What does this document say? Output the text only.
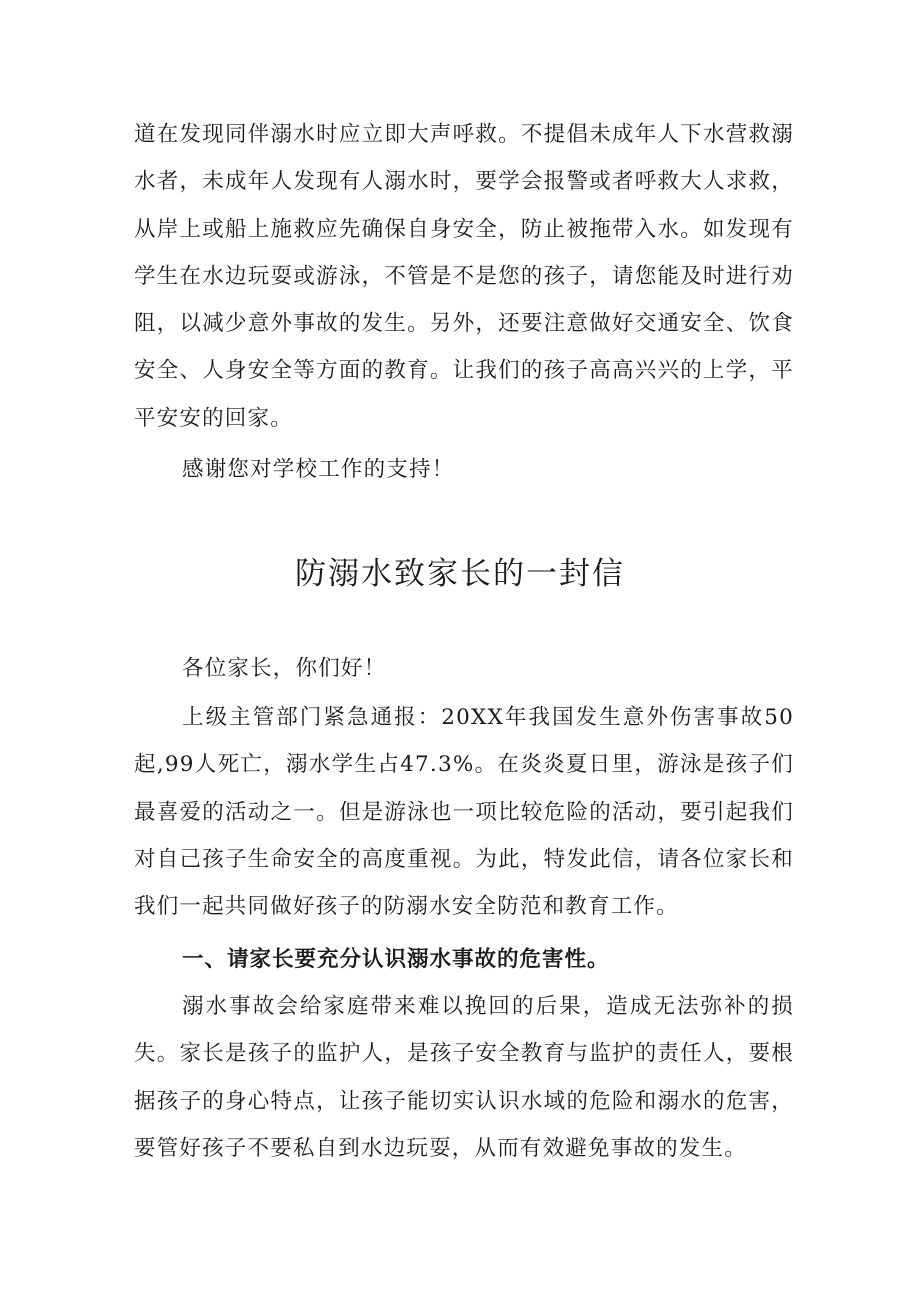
道在发现同伴溺水时应立即大声呼救。不提倡未成年人下水营救溺水者，未成年人发现有人溺水时，要学会报警或者呼救大人求救，从岸上或船上施救应先确保自身安全，防止被拖带入水。如发现有学生在水边玩耍或游泳，不管是不是您的孩子，请您能及时进行劝阻，以减少意外事故的发生。另外，还要注意做好交通安全、饮食安全、人身安全等方面的教育。让我们的孩子高高兴兴的上学，平平安安的回家。

感谢您对学校工作的支持！

防溺水致家长的一封信

各位家长，你们好！

上级主管部门紧急通报：20XX年我国发生意外伤害事故50起,99人死亡，溺水学生占47.3%。在炎炎夏日里，游泳是孩子们最喜爱的活动之一。但是游泳也一项比较危险的活动，要引起我们对自己孩子生命安全的高度重视。为此，特发此信，请各位家长和我们一起共同做好孩子的防溺水安全防范和教育工作。

一、请家长要充分认识溺水事故的危害性。

溺水事故会给家庭带来难以挽回的后果，造成无法弥补的损失。家长是孩子的监护人，是孩子安全教育与监护的责任人，要根据孩子的身心特点，让孩子能切实认识水域的危险和溺水的危害，要管好孩子不要私自到水边玩耍，从而有效避免事故的发生。
